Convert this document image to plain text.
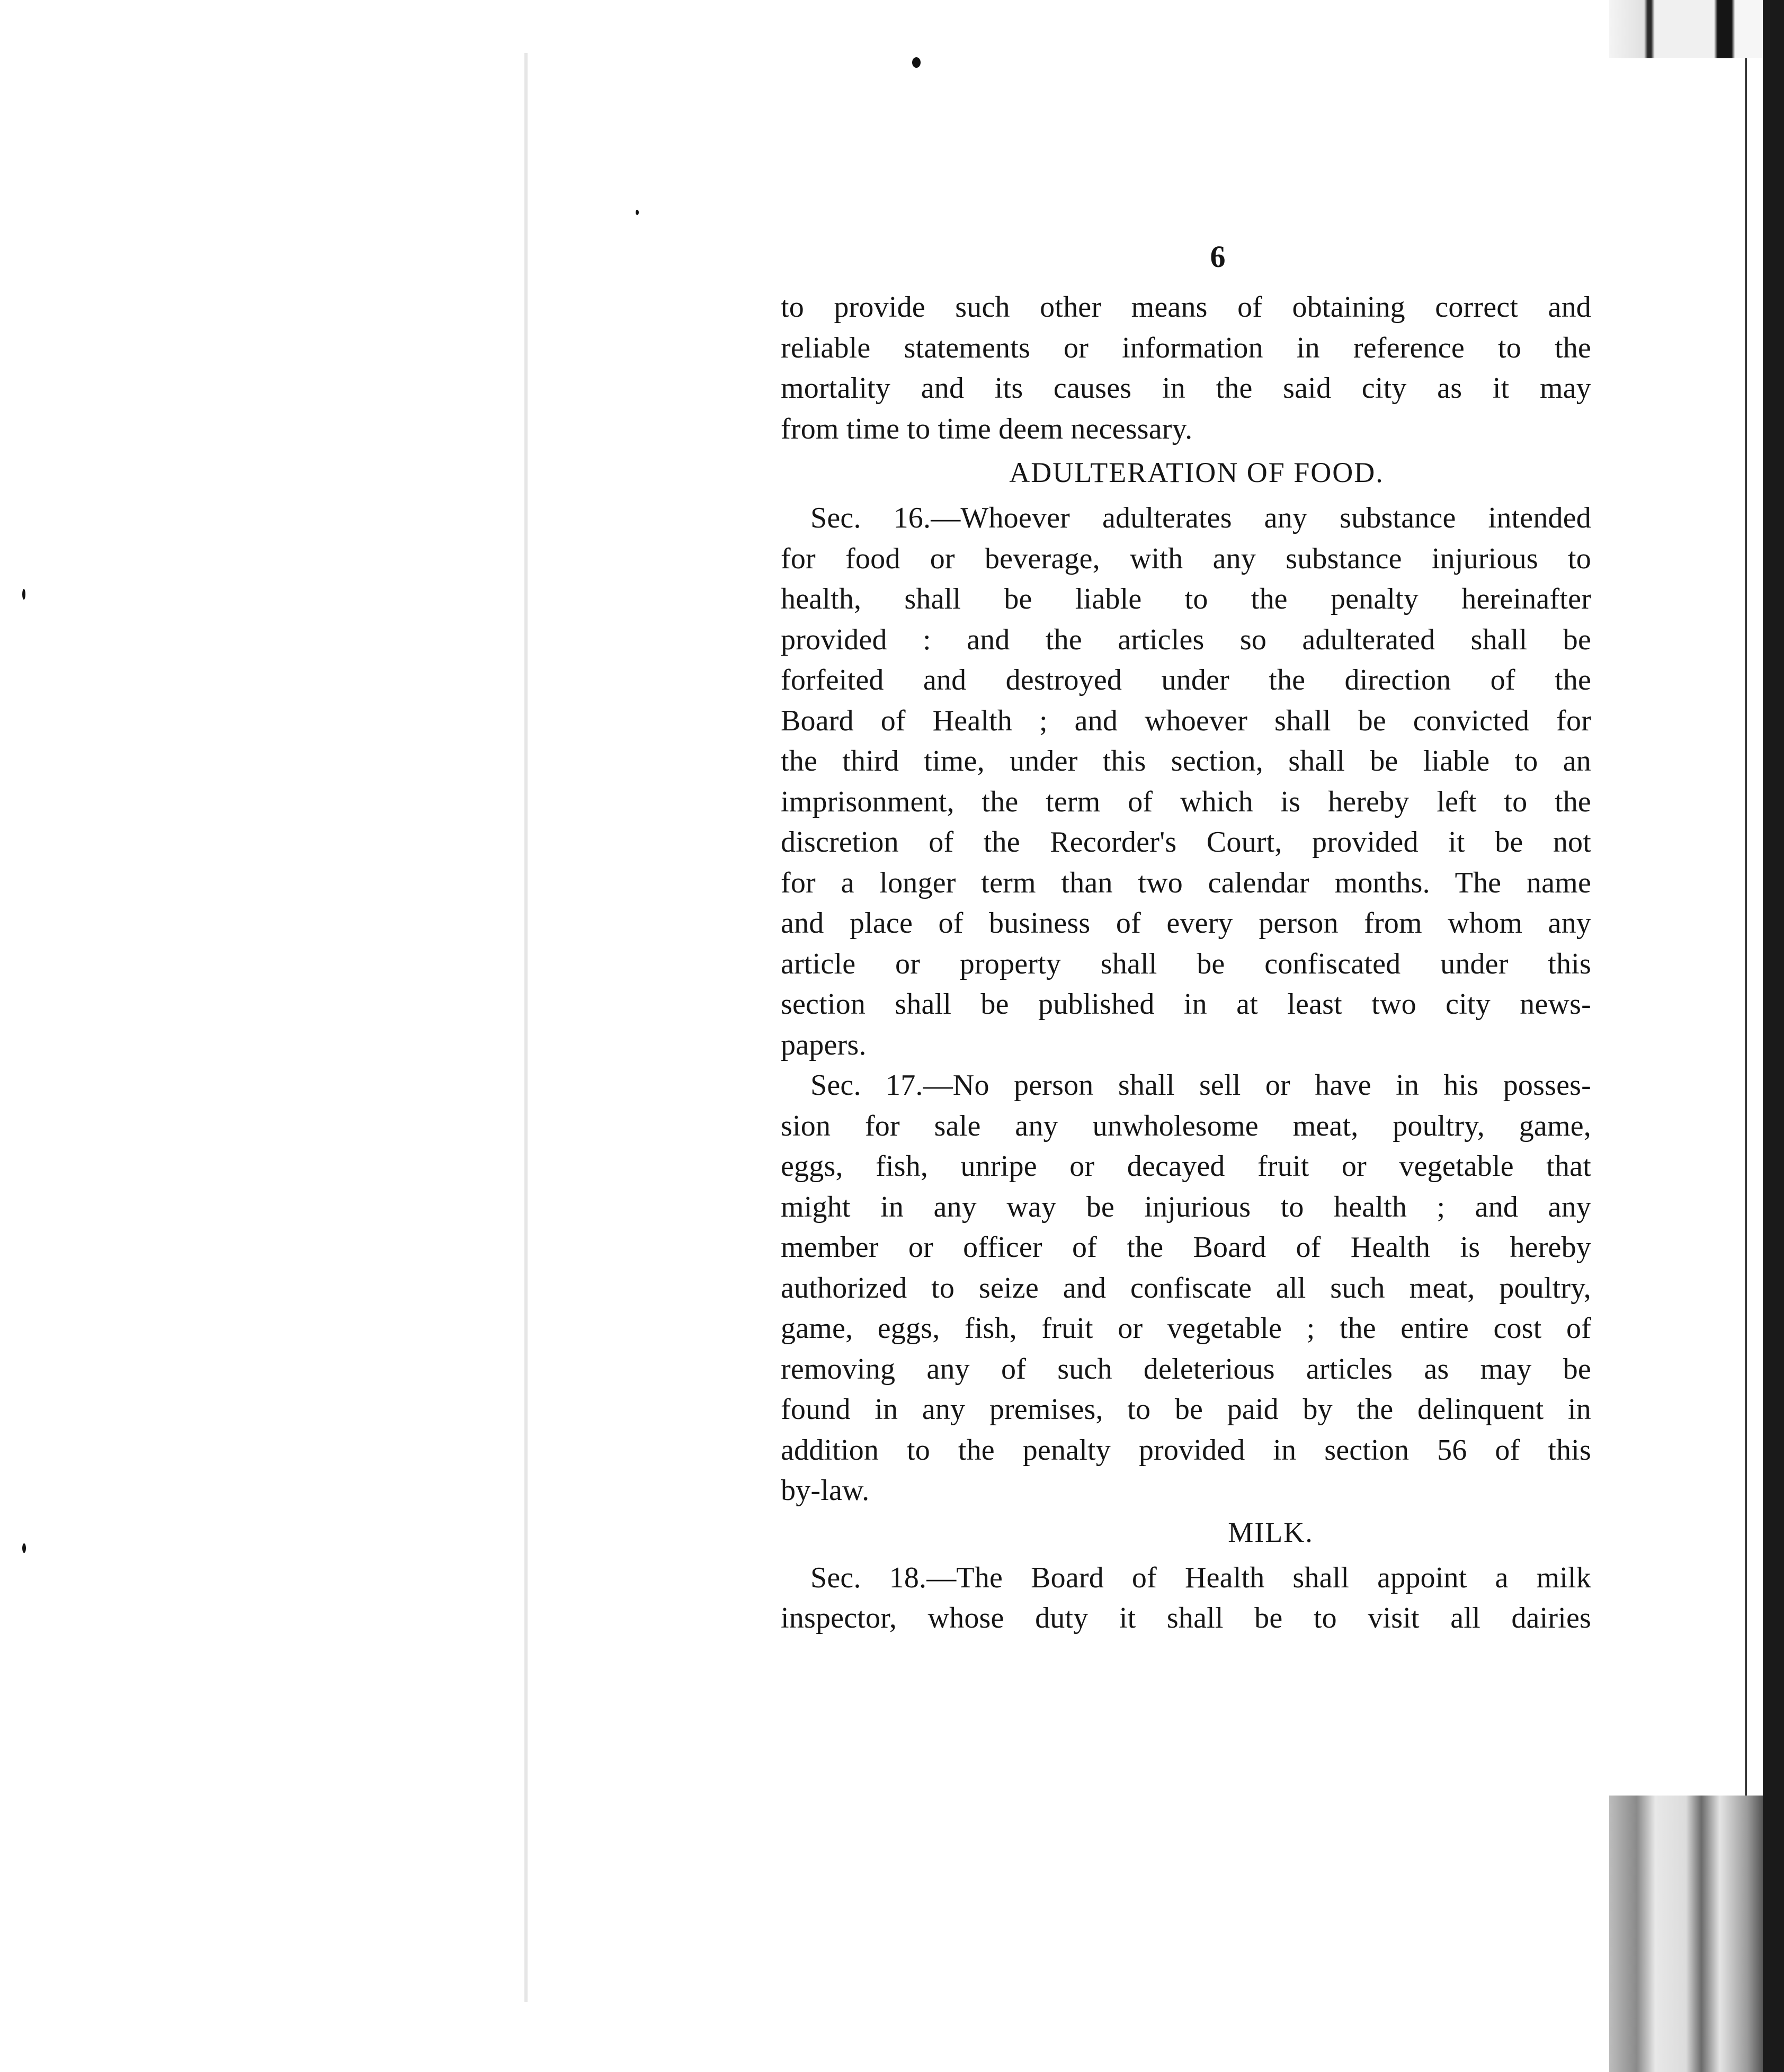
6
to provide such other means of obtaining correct and
reliable statements or information in reference to the
mortality and its causes in the said city as it may
from time to time deem necessary.
ADULTERATION OF FOOD.
Sec. 16.—Whoever adulterates any substance intended
for food or beverage, with any substance injurious to
health, shall be liable to the penalty hereinafter
provided : and the articles so adulterated shall be
forfeited and destroyed under the direction of the
Board of Health ; and whoever shall be convicted for
the third time, under this section, shall be liable to an
imprisonment, the term of which is hereby left to the
discretion of the Recorder's Court, provided it be not
for a longer term than two calendar months. The name
and place of business of every person from whom any
article or property shall be confiscated under this
section shall be published in at least two city news-
papers.
Sec. 17.—No person shall sell or have in his posses-
sion for sale any unwholesome meat, poultry, game,
eggs, fish, unripe or decayed fruit or vegetable that
might in any way be injurious to health ; and any
member or officer of the Board of Health is hereby
authorized to seize and confiscate all such meat, poultry,
game, eggs, fish, fruit or vegetable ; the entire cost of
removing any of such deleterious articles as may be
found in any premises, to be paid by the delinquent in
addition to the penalty provided in section 56 of this
by-law.
MILK.
Sec. 18.—The Board of Health shall appoint a milk
inspector, whose duty it shall be to visit all dairies
